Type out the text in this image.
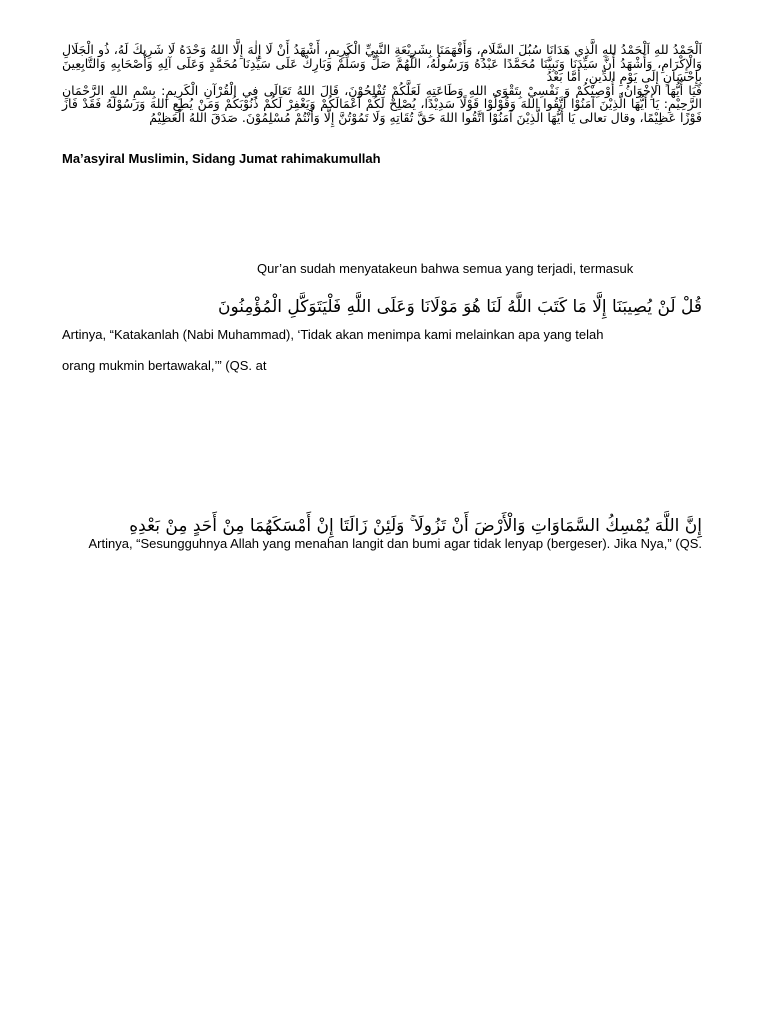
اَلْحَمْدُ للهِ اَلْحَمْدُ للهِ الَّذِي هَدَانَا سُبُلَ السَّلَامِ، وَأَفْهَمَنَا بِشَرِيْعَةِ النَّبِيِّ الْكَرِيمِ، أَشْهَدُ أَنْ لَا إِلٰهَ إِلَّا اللهُ وَحْدَهُ لَا شَرِيكَ لَهُ، ذُو الْجَلَالِ وَالْإِكْرَامِ، وَأَشْهَدُ أَنَّ سَيِّدَنَا وَنَبِيَّنَا مُحَمَّدًا عَبْدُهُ وَرَسُولُهُ، اللَّهُمَّ صَلِّ وَسَلِّمْ وَبَارِكْ عَلَى سَيِّدِنَا مُحَمَّدٍ وَعَلَى آلِهِ وَأَصْحَابِهِ وَالتَّابِعِينَ بِإِحْسَانٍ إِلَى يَوْمِ الدِّينِ، أَمَّا بَعْدُ

فَيَا أَيُّهَا الإِخْوَانُ، أُوْصِيْكُمْ وَ نَفْسِيْ بِتَقْوَى اللهِ وَطَاعَتِهِ لَعَلَّكُمْ تُفْلِحُوْنَ، قَالَ اللهُ تَعَالَى فِي الْقُرْآنِ الْكَرِيمِ: بِسْمِ اللهِ الرَّحْمَانِ الرَّحِيْمِ: يَا أَيُّهَا الَّذِيْنَ آمَنُوْا اتَّقُوا اللهَ وَقُوْلُوْا قَوْلًا سَدِيْدًا، يُصْلِحْ لَكُمْ أَعْمَالَكُمْ وَيَغْفِرْ لَكُمْ ذُنُوْبَكُمْ وَمَنْ يُطِعِ اللهَ وَرَسُوْلَهُ فَقَدْ فَازَ فَوْزًا عَظِيْمًا، وقال تعالى يَا أَيُّهَا الَّذِيْنَ آمَنُوْا اتَّقُوا اللهَ حَقَّ تُقَاتِهِ وَلَا تَمُوْتُنَّ إِلَّا وَأَنْتُمْ مُسْلِمُوْنَ. صَدَقَ اللهُ الْعَظِيْمُ

Ma’asyiral Muslimin, Sidang Jumat rahimakumullah

Qur’an sudah menyatakeun bahwa semua yang terjadi, termasuk

قُلْ لَنْ يُصِيبَنَا إِلَّا مَا كَتَبَ اللَّهُ لَنَا هُوَ مَوْلَانَا وَعَلَى اللَّهِ فَلْيَتَوَكَّلِ الْمُؤْمِنُونَ

Artinya, “Katakanlah (Nabi Muhammad), ‘Tidak akan menimpa kami melainkan apa yang telah

orang mukmin bertawakal,’” (QS. at

إِنَّ اللَّهَ يُمْسِكُ السَّمَاوَاتِ وَالْأَرْضَ أَنْ تَزُولَا ۚ وَلَئِنْ زَالَتَا إِنْ أَمْسَكَهُمَا مِنْ أَحَدٍ مِنْ بَعْدِهِ

Artinya, “Sesungguhnya Allah yang menahan langit dan bumi agar tidak lenyap (bergeser). Jika Nya,” (QS.
